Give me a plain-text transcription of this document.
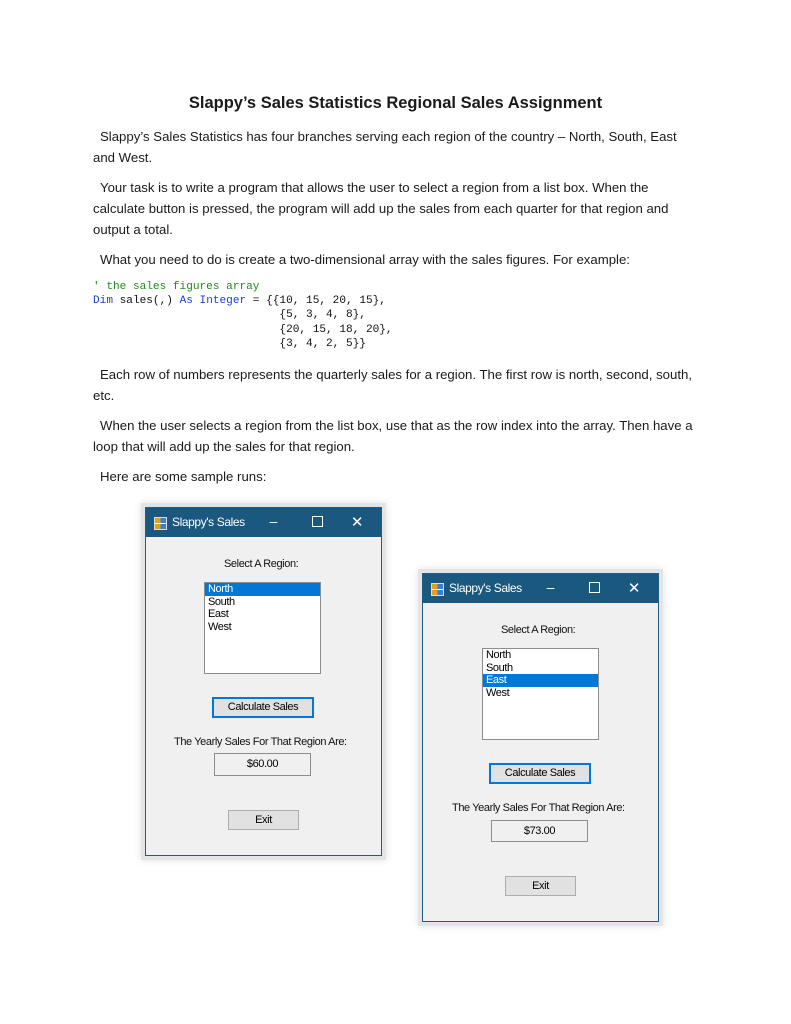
Slappy’s Sales Statistics Regional Sales Assignment

Slappy’s Sales Statistics has four branches serving each region of the country – North, South, East and West.

Your task is to write a program that allows the user to select a region from a list box. When the calculate button is pressed, the program will add up the sales from each quarter for that region and output a total.

What you need to do is create a two-dimensional array with the sales figures. For example:

' the sales figures array
Dim sales(,) As Integer = {{10, 15, 20, 15},
{5, 3, 4, 8},
{20, 15, 18, 20},
{3, 4, 2, 5}}

Each row of numbers represents the quarterly sales for a region. The first row is north, second, south, etc.

When the user selects a region from the list box, use that as the row index into the array. Then have a loop that will add up the sales for that region.

Here are some sample runs:

Slappy's Sales –	✕
Select A Region:
North
South
East
West
Calculate Sales
The Yearly Sales For That Region Are:
$60.00
Exit
Slappy's Sales –	✕
Select A Region:
North
South
East
West
Calculate Sales
The Yearly Sales For That Region Are:
$73.00
Exit
